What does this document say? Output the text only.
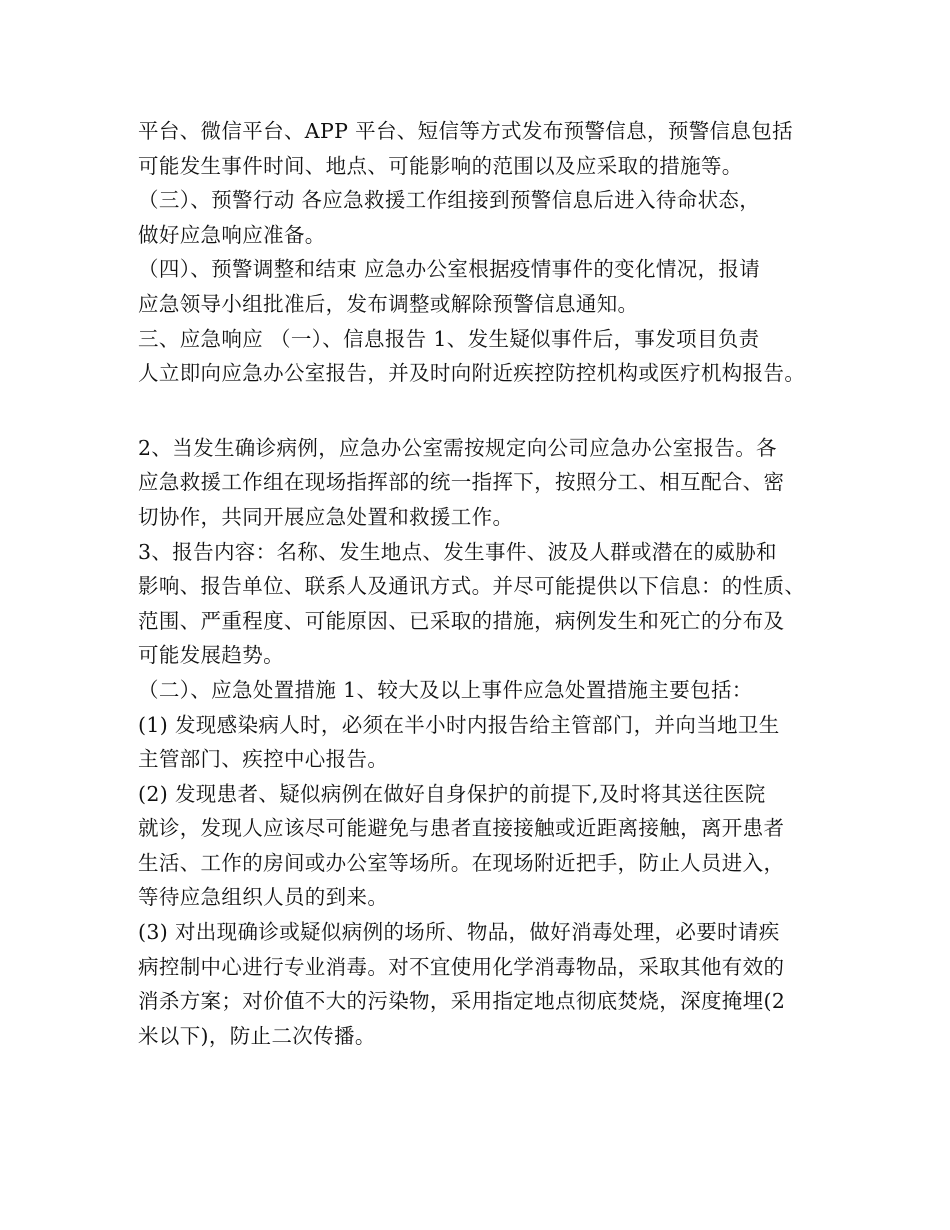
平台、微信平台、APP 平台、短信等方式发布预警信息，预警信息包括
可能发生事件时间、地点、可能影响的范围以及应采取的措施等。
（三）、预警行动 各应急救援工作组接到预警信息后进入待命状态，
做好应急响应准备。
（四）、预警调整和结束 应急办公室根据疫情事件的变化情况，报请
应急领导小组批准后，发布调整或解除预警信息通知。
三、应急响应 （一）、信息报告 1、发生疑似事件后，事发项目负责
人立即向应急办公室报告，并及时向附近疾控防控机构或医疗机构报告。
2、当发生确诊病例，应急办公室需按规定向公司应急办公室报告。各
应急救援工作组在现场指挥部的统一指挥下，按照分工、相互配合、密
切协作，共同开展应急处置和救援工作。
3、报告内容：名称、发生地点、发生事件、波及人群或潜在的威胁和
影响、报告单位、联系人及通讯方式。并尽可能提供以下信息：的性质、
范围、严重程度、可能原因、已采取的措施，病例发生和死亡的分布及
可能发展趋势。
（二）、应急处置措施 1、较大及以上事件应急处置措施主要包括：
(1) 发现感染病人时，必须在半小时内报告给主管部门，并向当地卫生
主管部门、疾控中心报告。
(2) 发现患者、疑似病例在做好自身保护的前提下,及时将其送往医院
就诊，发现人应该尽可能避免与患者直接接触或近距离接触，离开患者
生活、工作的房间或办公室等场所。在现场附近把手，防止人员进入，
等待应急组织人员的到来。
(3) 对出现确诊或疑似病例的场所、物品，做好消毒处理，必要时请疾
病控制中心进行专业消毒。对不宜使用化学消毒物品，采取其他有效的
消杀方案；对价值不大的污染物，采用指定地点彻底焚烧，深度掩埋(2
米以下)，防止二次传播。
